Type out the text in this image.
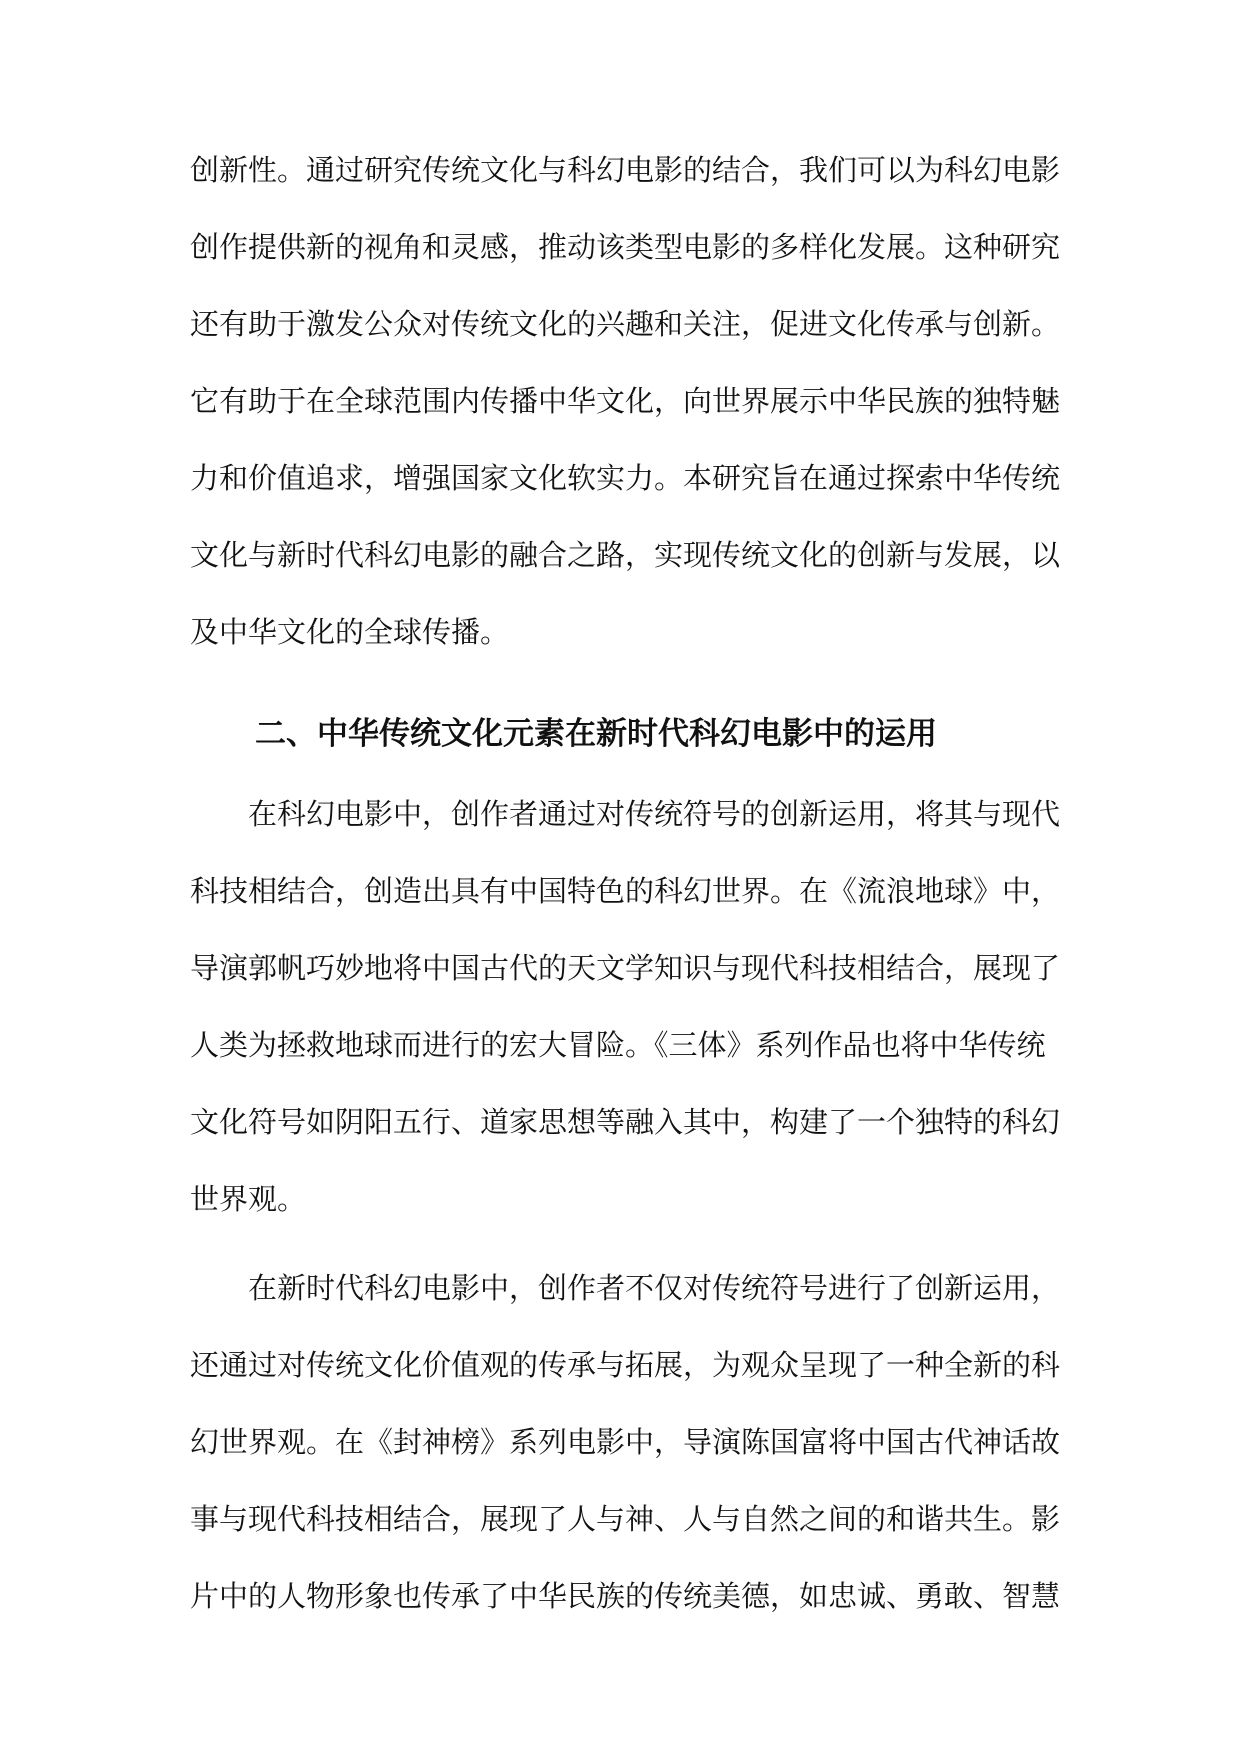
创新性。通过研究传统文化与科幻电影的结合，我们可以为科幻电影
创作提供新的视角和灵感，推动该类型电影的多样化发展。这种研究
还有助于激发公众对传统文化的兴趣和关注，促进文化传承与创新。
它有助于在全球范围内传播中华文化，向世界展示中华民族的独特魅
力和价值追求，增强国家文化软实力。本研究旨在通过探索中华传统
文化与新时代科幻电影的融合之路，实现传统文化的创新与发展，以
及中华文化的全球传播。
二、中华传统文化元素在新时代科幻电影中的运用
在科幻电影中，创作者通过对传统符号的创新运用，将其与现代
科技相结合，创造出具有中国特色的科幻世界。在《流浪地球》中，
导演郭帆巧妙地将中国古代的天文学知识与现代科技相结合，展现了
人类为拯救地球而进行的宏大冒险。《三体》系列作品也将中华传统
文化符号如阴阳五行、道家思想等融入其中，构建了一个独特的科幻
世界观。
在新时代科幻电影中，创作者不仅对传统符号进行了创新运用，
还通过对传统文化价值观的传承与拓展，为观众呈现了一种全新的科
幻世界观。在《封神榜》系列电影中，导演陈国富将中国古代神话故
事与现代科技相结合，展现了人与神、人与自然之间的和谐共生。影
片中的人物形象也传承了中华民族的传统美德，如忠诚、勇敢、智慧
